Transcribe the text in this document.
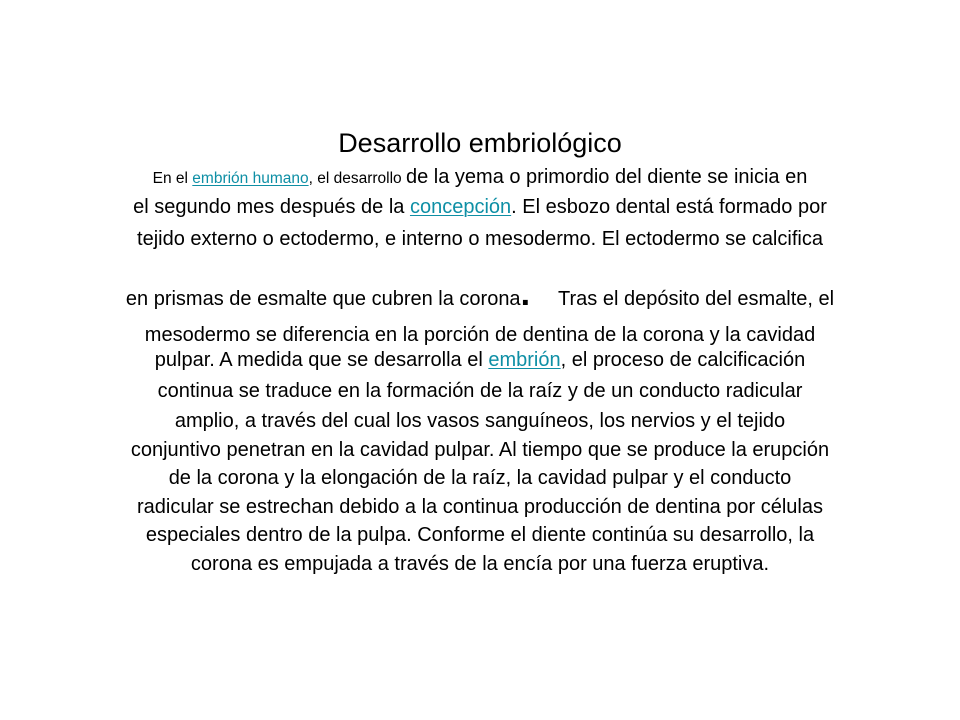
Desarrollo embriológico
En el embrión humano, el desarrollo de la yema o primordio del diente se inicia en
el segundo mes después de la concepción. El esbozo dental está formado por
tejido externo o ectodermo, e interno o mesodermo. El ectodermo se calcifica
en prismas de esmalte que cubren la corona. Tras el depósito del esmalte, el
mesodermo se diferencia en la porción de dentina de la corona y la cavidad
pulpar. A medida que se desarrolla el embrión, el proceso de calcificación
continua se traduce en la formación de la raíz y de un conducto radicular
amplio, a través del cual los vasos sanguíneos, los nervios y el tejido
conjuntivo penetran en la cavidad pulpar. Al tiempo que se produce la erupción
de la corona y la elongación de la raíz, la cavidad pulpar y el conducto
radicular se estrechan debido a la continua producción de dentina por células
especiales dentro de la pulpa. Conforme el diente continúa su desarrollo, la
corona es empujada a través de la encía por una fuerza eruptiva.
